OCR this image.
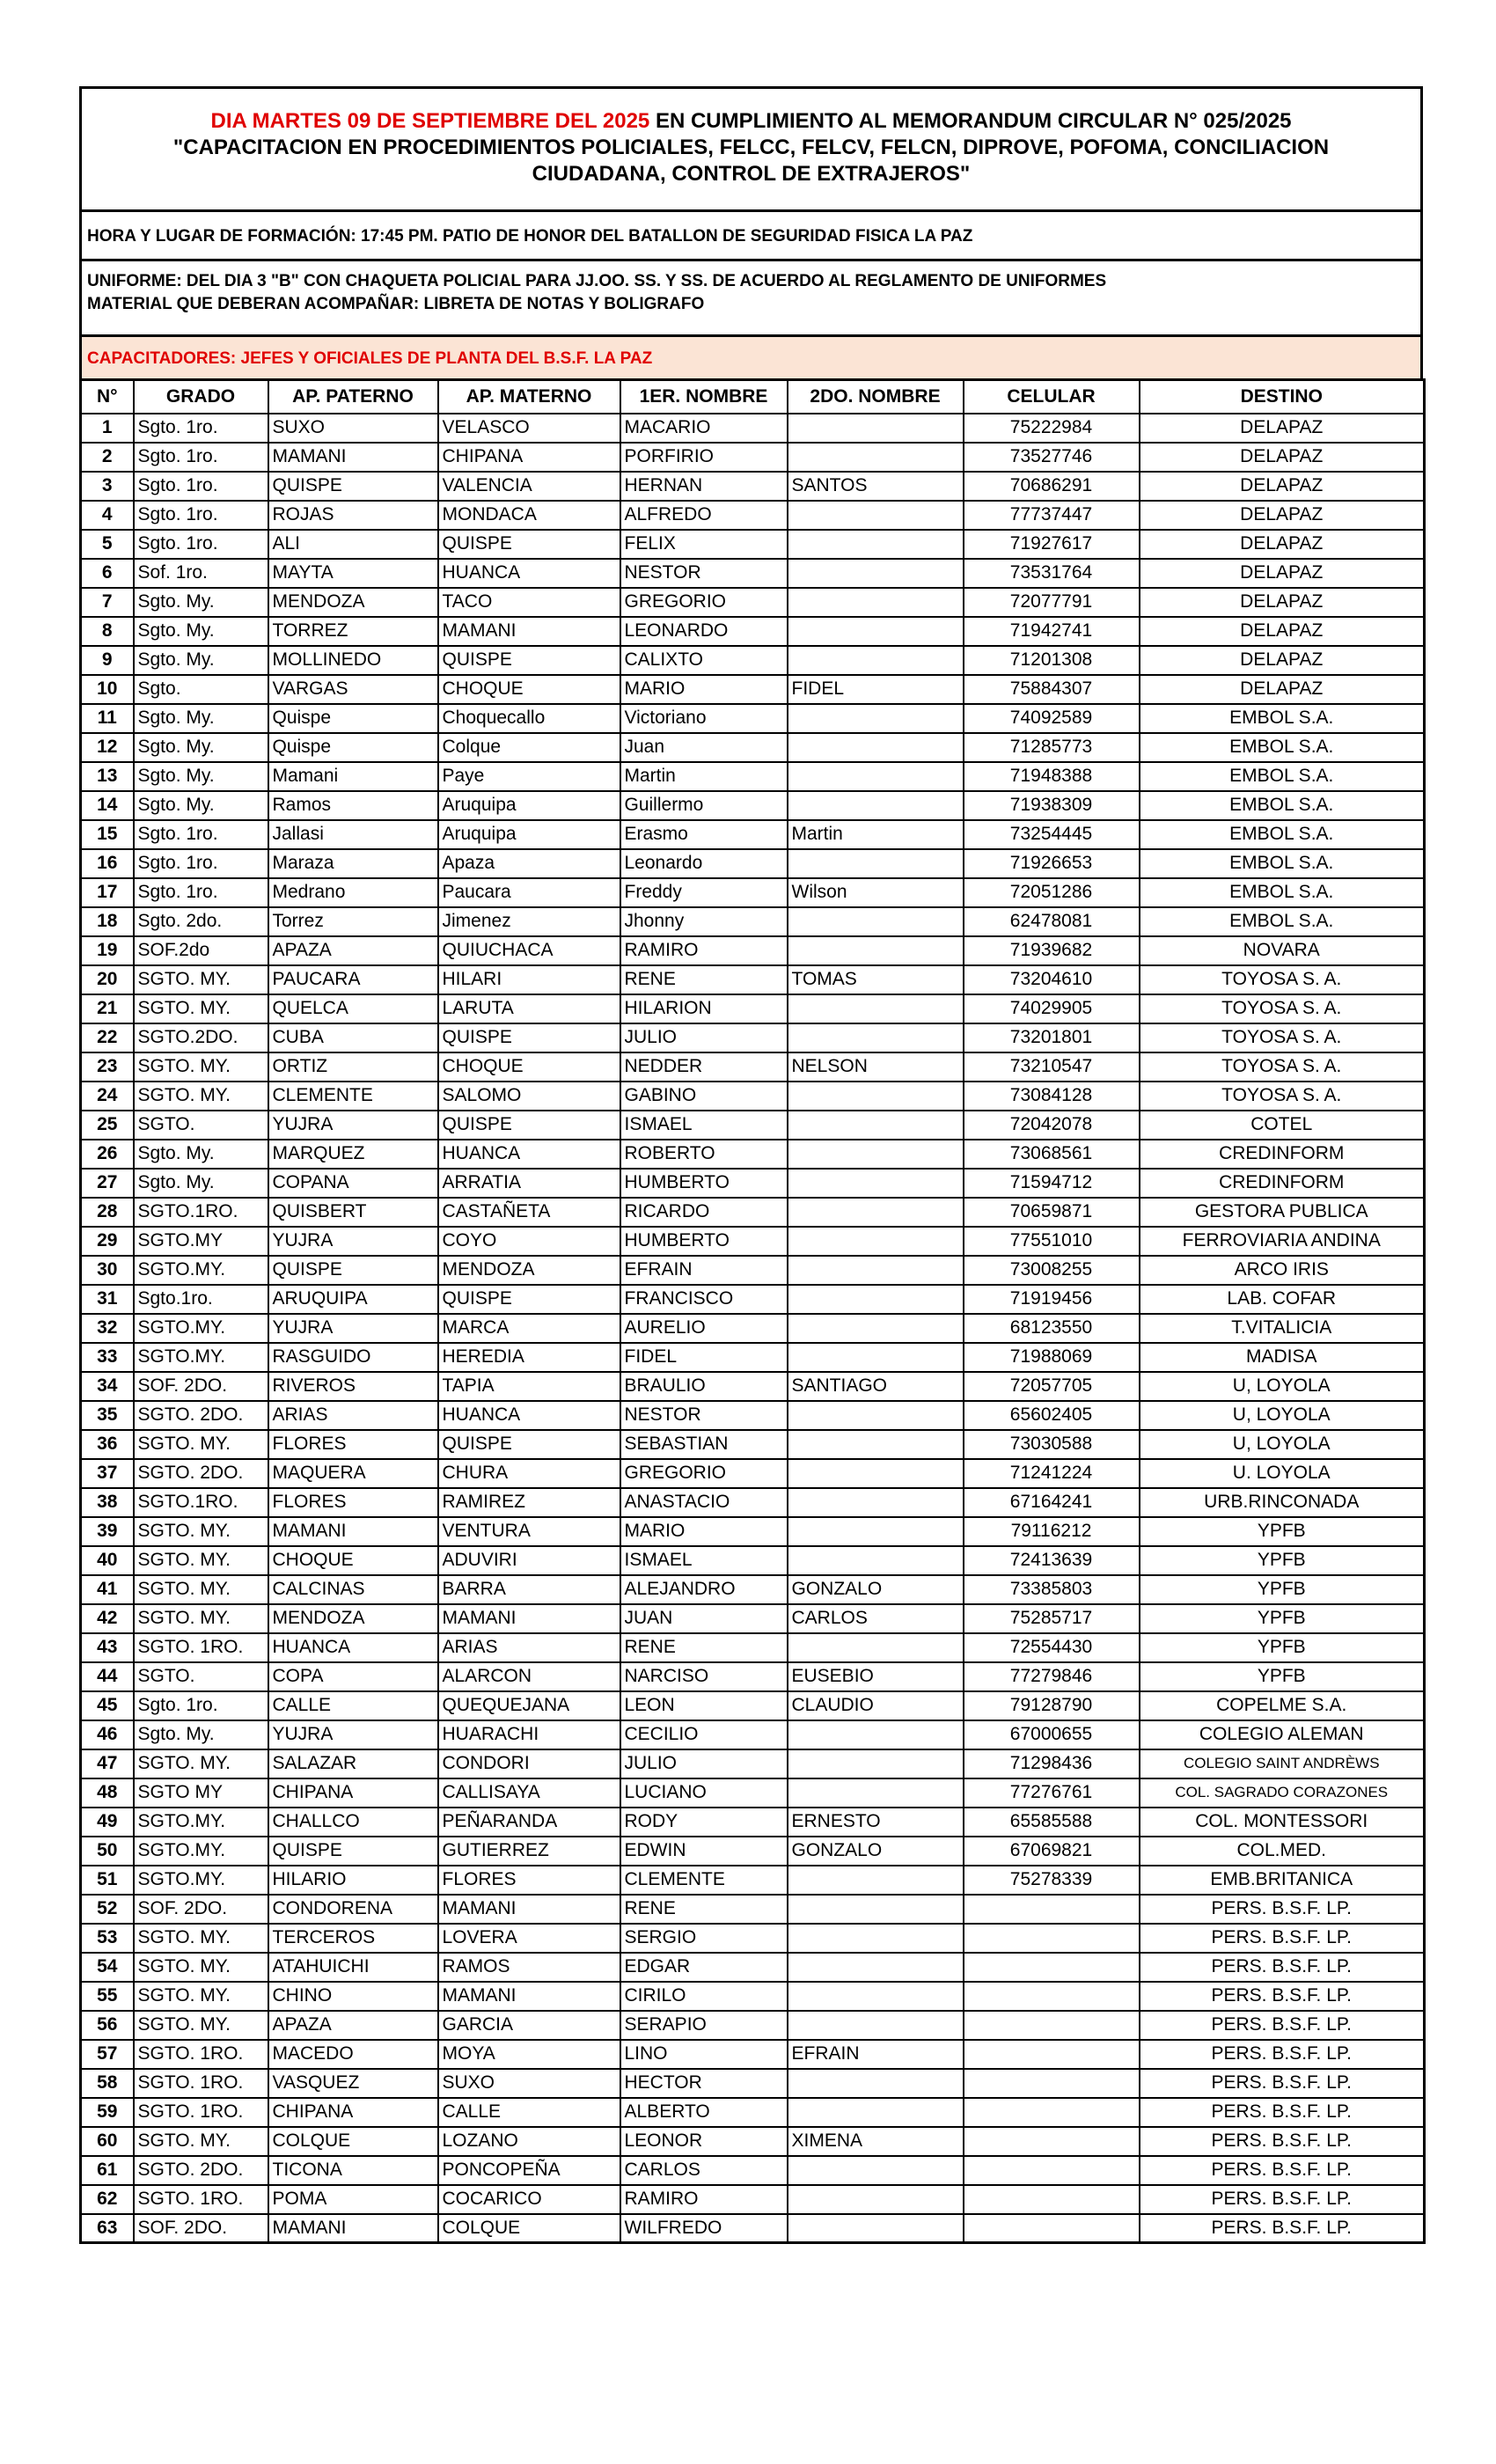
DIA MARTES 09 DE SEPTIEMBRE DEL 2025 EN CUMPLIMIENTO AL MEMORANDUM CIRCULAR N° 025/2025
"CAPACITACION EN PROCEDIMIENTOS POLICIALES, FELCC, FELCV, FELCN, DIPROVE, POFOMA, CONCILIACION CIUDADANA, CONTROL DE EXTRAJEROS"
HORA Y LUGAR DE FORMACIÓN: 17:45 PM. PATIO DE HONOR DEL BATALLON DE SEGURIDAD FISICA LA PAZ
UNIFORME: DEL DIA 3 "B" CON CHAQUETA POLICIAL PARA JJ.OO. SS. Y SS. DE ACUERDO AL REGLAMENTO DE UNIFORMES
MATERIAL QUE DEBERAN ACOMPAÑAR: LIBRETA DE NOTAS Y BOLIGRAFO
CAPACITADORES: JEFES Y OFICIALES DE PLANTA DEL B.S.F. LA PAZ
N°	GRADO	AP. PATERNO	AP. MATERNO	1ER. NOMBRE	2DO. NOMBRE	CELULAR	DESTINO
1	Sgto. 1ro.	SUXO	VELASCO	MACARIO		75222984	DELAPAZ
2	Sgto. 1ro.	MAMANI	CHIPANA	PORFIRIO		73527746	DELAPAZ
3	Sgto. 1ro.	QUISPE	VALENCIA	HERNAN	SANTOS	70686291	DELAPAZ
4	Sgto. 1ro.	ROJAS	MONDACA	ALFREDO		77737447	DELAPAZ
5	Sgto. 1ro.	ALI	QUISPE	FELIX		71927617	DELAPAZ
6	Sof. 1ro.	MAYTA	HUANCA	NESTOR		73531764	DELAPAZ
7	Sgto. My.	MENDOZA	TACO	GREGORIO		72077791	DELAPAZ
8	Sgto. My.	TORREZ	MAMANI	LEONARDO		71942741	DELAPAZ
9	Sgto. My.	MOLLINEDO	QUISPE	CALIXTO		71201308	DELAPAZ
10	Sgto.	VARGAS	CHOQUE	MARIO	FIDEL	75884307	DELAPAZ
11	Sgto. My.	Quispe	Choquecallo	Victoriano		74092589	EMBOL S.A.
12	Sgto. My.	Quispe	Colque	Juan		71285773	EMBOL S.A.
13	Sgto. My.	Mamani	Paye	Martin		71948388	EMBOL S.A.
14	Sgto. My.	Ramos	Aruquipa	Guillermo		71938309	EMBOL S.A.
15	Sgto. 1ro.	Jallasi	Aruquipa	Erasmo	Martin	73254445	EMBOL S.A.
16	Sgto. 1ro.	Maraza	Apaza	Leonardo		71926653	EMBOL S.A.
17	Sgto. 1ro.	Medrano	Paucara	Freddy	Wilson	72051286	EMBOL S.A.
18	Sgto. 2do.	Torrez	Jimenez	Jhonny		62478081	EMBOL S.A.
19	SOF.2do	APAZA	QUIUCHACA	RAMIRO		71939682	NOVARA
20	SGTO. MY.	PAUCARA	HILARI	RENE	TOMAS	73204610	TOYOSA S. A.
21	SGTO. MY.	QUELCA	LARUTA	HILARION		74029905	TOYOSA S. A.
22	SGTO.2DO.	CUBA	QUISPE	JULIO		73201801	TOYOSA S. A.
23	SGTO. MY.	ORTIZ	CHOQUE	NEDDER	NELSON	73210547	TOYOSA S. A.
24	SGTO. MY.	CLEMENTE	SALOMO	GABINO		73084128	TOYOSA S. A.
25	SGTO.	YUJRA	QUISPE	ISMAEL		72042078	COTEL
26	Sgto. My.	MARQUEZ	HUANCA	ROBERTO		73068561	CREDINFORM
27	Sgto. My.	COPANA	ARRATIA	HUMBERTO		71594712	CREDINFORM
28	SGTO.1RO.	QUISBERT	CASTAÑETA	RICARDO		70659871	GESTORA PUBLICA
29	SGTO.MY	YUJRA	COYO	HUMBERTO		77551010	FERROVIARIA ANDINA
30	SGTO.MY.	QUISPE	MENDOZA	EFRAIN		73008255	ARCO IRIS
31	Sgto.1ro.	ARUQUIPA	QUISPE	FRANCISCO		71919456	LAB. COFAR
32	SGTO.MY.	YUJRA	MARCA	AURELIO		68123550	T.VITALICIA
33	SGTO.MY.	RASGUIDO	HEREDIA	FIDEL		71988069	MADISA
34	SOF. 2DO.	RIVEROS	TAPIA	BRAULIO	SANTIAGO	72057705	U, LOYOLA
35	SGTO. 2DO.	ARIAS	HUANCA	NESTOR		65602405	U, LOYOLA
36	SGTO. MY.	FLORES	QUISPE	SEBASTIAN		73030588	U, LOYOLA
37	SGTO. 2DO.	MAQUERA	CHURA	GREGORIO		71241224	U. LOYOLA
38	SGTO.1RO.	FLORES	RAMIREZ	ANASTACIO		67164241	URB.RINCONADA
39	SGTO. MY.	MAMANI	VENTURA	MARIO		79116212	YPFB
40	SGTO. MY.	CHOQUE	ADUVIRI	ISMAEL		72413639	YPFB
41	SGTO. MY.	CALCINAS	BARRA	ALEJANDRO	GONZALO	73385803	YPFB
42	SGTO. MY.	MENDOZA	MAMANI	JUAN	CARLOS	75285717	YPFB
43	SGTO. 1RO.	HUANCA	ARIAS	RENE		72554430	YPFB
44	SGTO.	COPA	ALARCON	NARCISO	EUSEBIO	77279846	YPFB
45	Sgto. 1ro.	CALLE	QUEQUEJANA	LEON	CLAUDIO	79128790	COPELME S.A.
46	Sgto. My.	YUJRA	HUARACHI	CECILIO		67000655	COLEGIO ALEMAN
47	SGTO. MY.	SALAZAR	CONDORI	JULIO		71298436	COLEGIO SAINT ANDRÈWS
48	SGTO MY	CHIPANA	CALLISAYA	LUCIANO		77276761	COL. SAGRADO CORAZONES
49	SGTO.MY.	CHALLCO	PEÑARANDA	RODY	ERNESTO	65585588	COL. MONTESSORI
50	SGTO.MY.	QUISPE	GUTIERREZ	EDWIN	GONZALO	67069821	COL.MED.
51	SGTO.MY.	HILARIO	FLORES	CLEMENTE		75278339	EMB.BRITANICA
52	SOF. 2DO.	CONDORENA	MAMANI	RENE			PERS. B.S.F. LP.
53	SGTO. MY.	TERCEROS	LOVERA	SERGIO			PERS. B.S.F. LP.
54	SGTO. MY.	ATAHUICHI	RAMOS	EDGAR			PERS. B.S.F. LP.
55	SGTO. MY.	CHINO	MAMANI	CIRILO			PERS. B.S.F. LP.
56	SGTO. MY.	APAZA	GARCIA	SERAPIO			PERS. B.S.F. LP.
57	SGTO. 1RO.	MACEDO	MOYA	LINO	EFRAIN		PERS. B.S.F. LP.
58	SGTO. 1RO.	VASQUEZ	SUXO	HECTOR			PERS. B.S.F. LP.
59	SGTO. 1RO.	CHIPANA	CALLE	ALBERTO			PERS. B.S.F. LP.
60	SGTO. MY.	COLQUE	LOZANO	LEONOR	XIMENA		PERS. B.S.F. LP.
61	SGTO. 2DO.	TICONA	PONCOPEÑA	CARLOS			PERS. B.S.F. LP.
62	SGTO. 1RO.	POMA	COCARICO	RAMIRO			PERS. B.S.F. LP.
63	SOF. 2DO.	MAMANI	COLQUE	WILFREDO			PERS. B.S.F. LP.
